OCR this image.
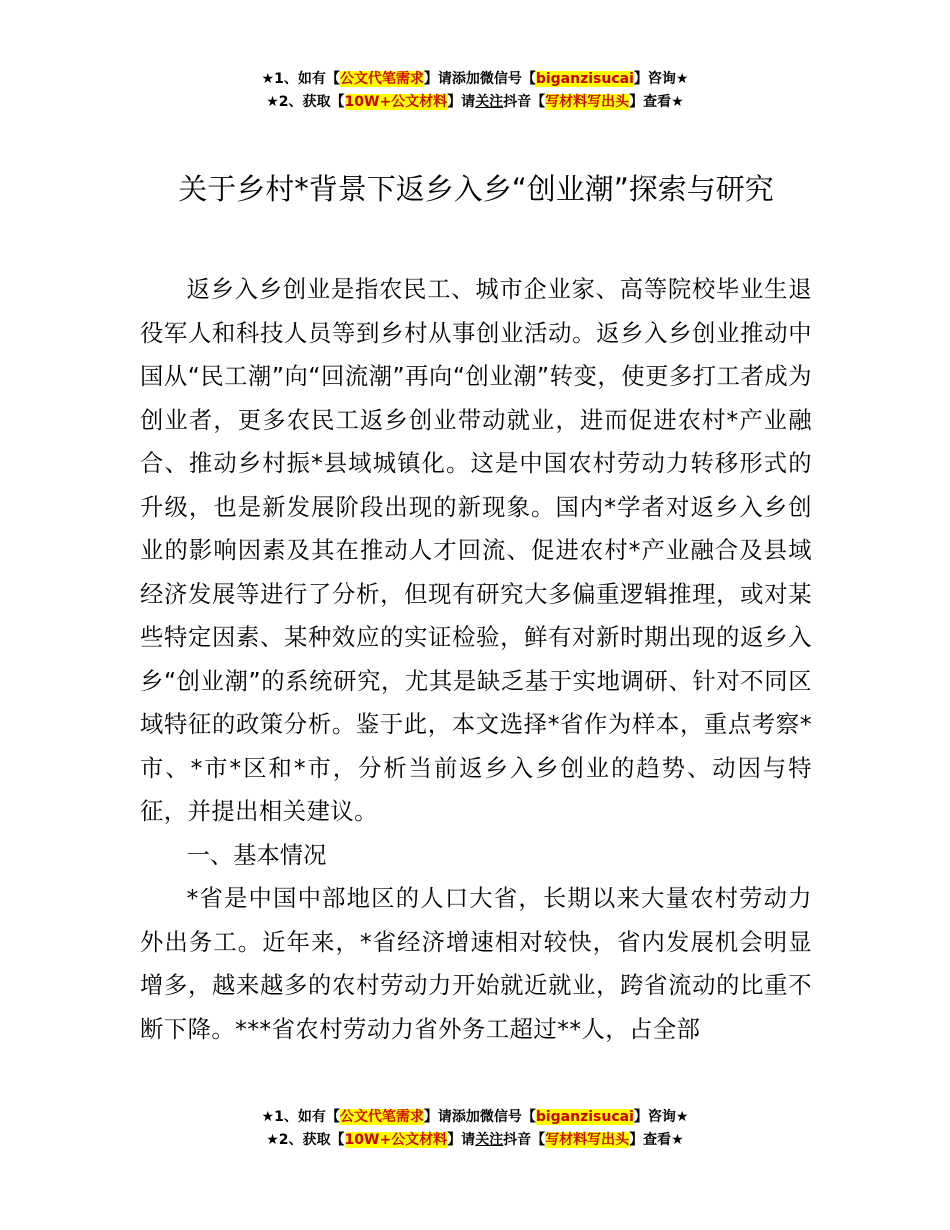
★1、如有【公文代笔需求】请添加微信号【biganzisucai】咨询★
★2、获取【10W+公文材料】请关注抖音【写材料写出头】查看★
关于乡村*背景下返乡入乡“创业潮”探索与研究

返乡入乡创业是指农民工、城市企业家、高等院校毕业生退役军人和科技人员等到乡村从事创业活动。返乡入乡创业推动中国从“民工潮”向“回流潮”再向“创业潮”转变，使更多打工者成为创业者，更多农民工返乡创业带动就业，进而促进农村*产业融合、推动乡村振*县域城镇化。这是中国农村劳动力转移形式的升级，也是新发展阶段出现的新现象。国内*学者对返乡入乡创业的影响因素及其在推动人才回流、促进农村*产业融合及县域经济发展等进行了分析，但现有研究大多偏重逻辑推理，或对某些特定因素、某种效应的实证检验，鲜有对新时期出现的返乡入乡“创业潮”的系统研究，尤其是缺乏基于实地调研、针对不同区域特征的政策分析。鉴于此，本文选择*省作为样本，重点考察*市、*市*区和*市，分析当前返乡入乡创业的趋势、动因与特征，并提出相关建议。

一、基本情况

*省是中国中部地区的人口大省，长期以来大量农村劳动力外出务工。近年来，*省经济增速相对较快，省内发展机会明显增多，越来越多的农村劳动力开始就近就业，跨省流动的比重不断下降。***省农村劳动力省外务工超过**人，占全部

★1、如有【公文代笔需求】请添加微信号【biganzisucai】咨询★
★2、获取【10W+公文材料】请关注抖音【写材料写出头】查看★
